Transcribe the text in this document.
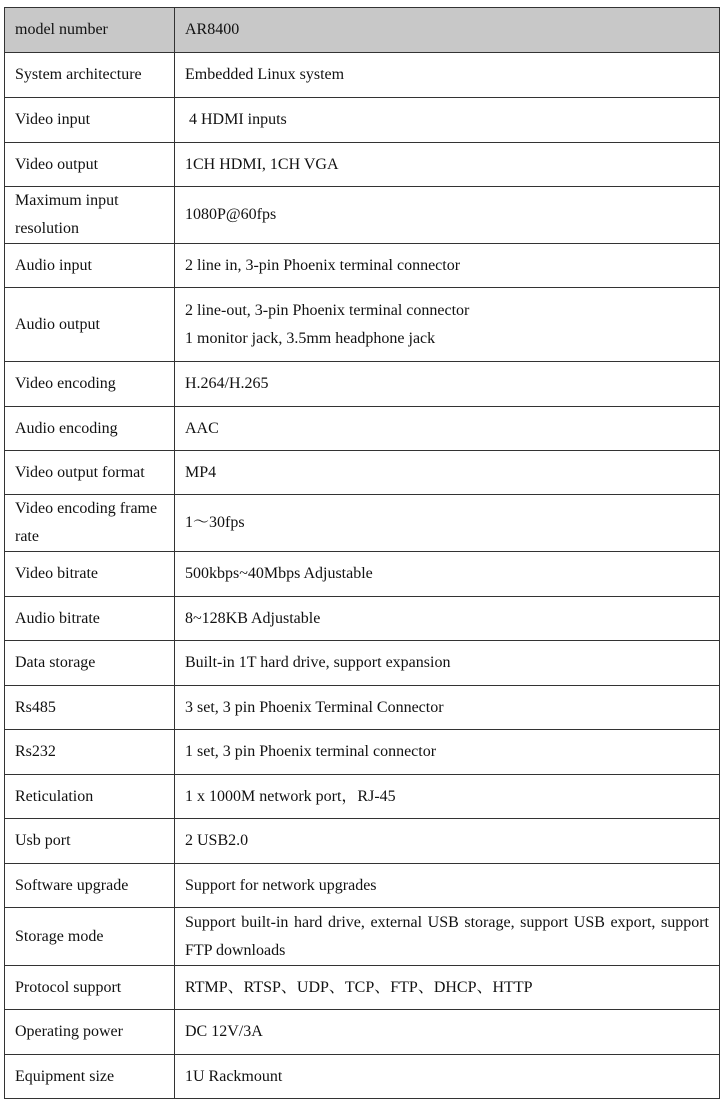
model number	AR8400
System architecture	Embedded Linux system

Video input	4 HDMI inputs

Video output	1CH HDMI, 1CH VGA

Maximum input resolution	1080P@60fps

Audio input	2 line in, 3-pin Phoenix terminal connector

Audio output	2 line-out, 3-pin Phoenix terminal connector
1 monitor jack, 3.5mm headphone jack

Video encoding	H.264/H.265

Audio encoding	AAC

Video output format	MP4

Video encoding frame rate	1～30fps

Video bitrate	500kbps~40Mbps Adjustable

Audio bitrate	8~128KB Adjustable

Data storage	Built-in 1T hard drive, support expansion

Rs485	3 set, 3 pin Phoenix Terminal Connector

Rs232	1 set, 3 pin Phoenix terminal connector

Reticulation	1 x 1000M network port，RJ-45

Usb port	2 USB2.0

Software upgrade	Support for network upgrades

Storage mode	Support built-in hard drive, external USB storage, support USB export, support FTP downloads

Protocol support	RTMP、RTSP、UDP、TCP、FTP、DHCP、HTTP

Operating power	DC 12V/3A

Equipment size	1U Rackmount
